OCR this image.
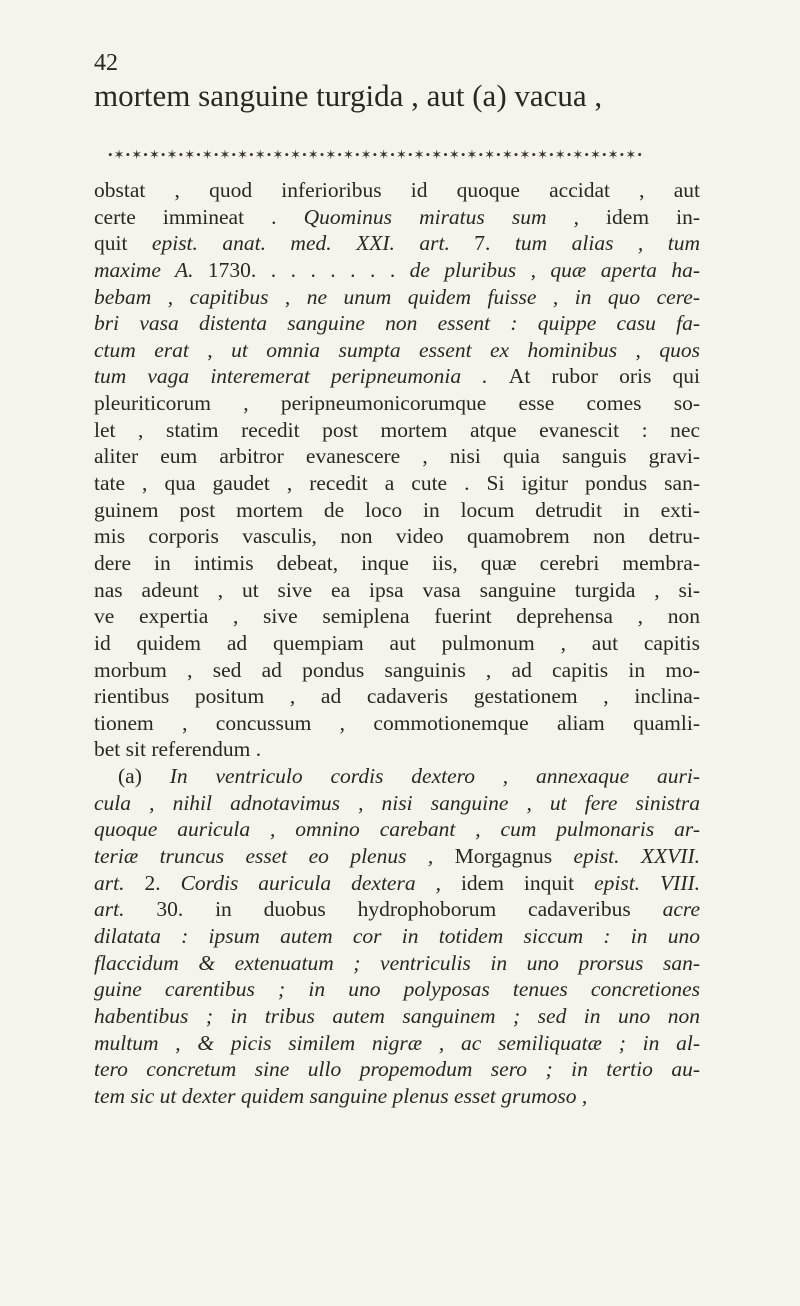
42
mortem sanguine turgida , aut (a) vacua ,
•✶•✶•✶•✶•✶•✶•✶•✶•✶•✶•✶•✶•✶•✶•✶•✶•✶•✶•✶•✶•✶•✶•✶•✶•✶•✶•✶•✶•✶•✶•
obstat , quod inferioribus id quoque accidat , aut
certe immineat . Quominus miratus sum , idem in-
quit epist. anat. med. XXI. art. 7. tum alias , tum
maxime A. 1730. . . . . . . . de pluribus , quæ aperta ha-
bebam , capitibus , ne unum quidem fuisse , in quo cere-
bri vasa distenta sanguine non essent : quippe casu fa-
ctum erat , ut omnia sumpta essent ex hominibus , quos
tum vaga interemerat peripneumonia . At rubor oris qui
pleuriticorum , peripneumonicorumque esse comes so-
let , statim recedit post mortem atque evanescit : nec
aliter eum arbitror evanescere , nisi quia sanguis gravi-
tate , qua gaudet , recedit a cute . Si igitur pondus san-
guinem post mortem de loco in locum detrudit in exti-
mis corporis vasculis, non video quamobrem non detru-
dere in intimis debeat, inque iis, quæ cerebri membra-
nas adeunt , ut sive ea ipsa vasa sanguine turgida , si-
ve expertia , sive semiplena fuerint deprehensa , non
id quidem ad quempiam aut pulmonum , aut capitis
morbum , sed ad pondus sanguinis , ad capitis in mo-
rientibus positum , ad cadaveris gestationem , inclina-
tionem , concussum , commotionemque aliam quamli-
bet sit referendum .
(a) In ventriculo cordis dextero , annexaque auri-
cula , nihil adnotavimus , nisi sanguine , ut fere sinistra
quoque auricula , omnino carebant , cum pulmonaris ar-
teriæ truncus esset eo plenus , Morgagnus epist. XXVII.
art. 2. Cordis auricula dextera , idem inquit epist. VIII.
art. 30. in duobus hydrophoborum cadaveribus acre
dilatata : ipsum autem cor in totidem siccum : in uno
flaccidum & extenuatum ; ventriculis in uno prorsus san-
guine carentibus ; in uno polyposas tenues concretiones
habentibus ; in tribus autem sanguinem ; sed in uno non
multum , & picis similem nigræ , ac semiliquatæ ; in al-
tero concretum sine ullo propemodum sero ; in tertio au-
tem sic ut dexter quidem sanguine plenus esset grumoso ,
